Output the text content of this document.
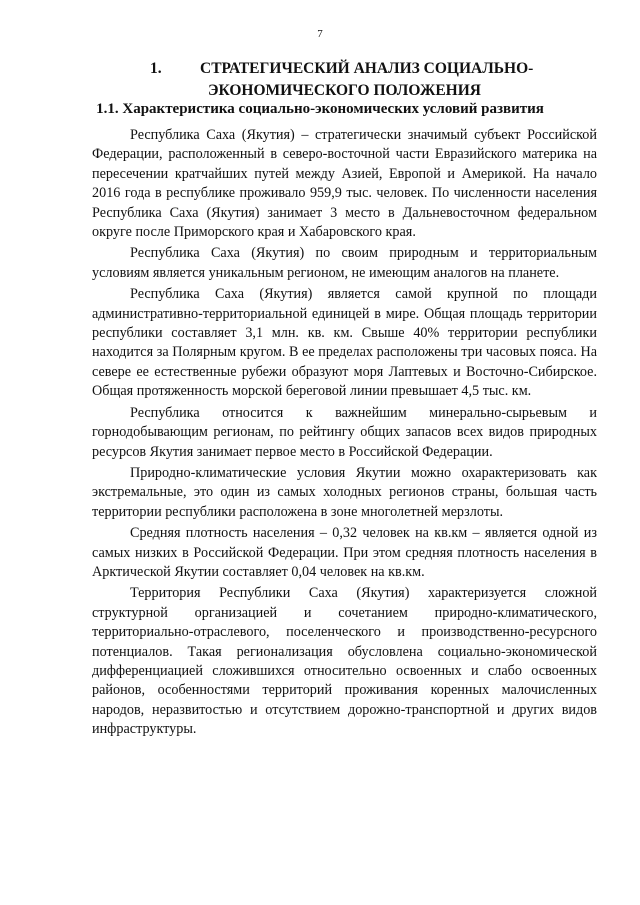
7
1. СТРАТЕГИЧЕСКИЙ АНАЛИЗ СОЦИАЛЬНО-
ЭКОНОМИЧЕСКОГО ПОЛОЖЕНИЯ
1.1. Характеристика социально-экономических условий развития

Республика Саха (Якутия) – стратегически значимый субъект Российской Федерации, расположенный в северо-восточной части Евразийского материка на пересечении кратчайших путей между Азией, Европой и Америкой. На начало 2016 года в республике проживало 959,9 тыс. человек. По численности населения Республика Саха (Якутия) занимает 3 место в Дальневосточном федеральном округе после Приморского края и Хабаровского края.

Республика Саха (Якутия) по своим природным и территориальным условиям является уникальным регионом, не имеющим аналогов на планете.

Республика Саха (Якутия) является самой крупной по площади административно-территориальной единицей в мире. Общая площадь территории республики составляет 3,1 млн. кв. км. Свыше 40% территории республики находится за Полярным кругом. В ее пределах расположены три часовых пояса. На севере ее естественные рубежи образуют моря Лаптевых и Восточно-Сибирское. Общая протяженность морской береговой линии превышает 4,5 тыс. км.

Республика относится к важнейшим минерально-сырьевым и горнодобывающим регионам, по рейтингу общих запасов всех видов природных ресурсов Якутия занимает первое место в Российской Федерации.

Природно-климатические условия Якутии можно охарактеризовать как экстремальные, это один из самых холодных регионов страны, большая часть территории республики расположена в зоне многолетней мерзлоты.

Средняя плотность населения – 0,32 человек на кв.км – является одной из самых низких в Российской Федерации. При этом средняя плотность населения в Арктической Якутии составляет 0,04 человек на кв.км.

Территория Республики Саха (Якутия) характеризуется сложной структурной организацией и сочетанием природно-климатического, территориально-отраслевого, поселенческого и производственно-ресурсного потенциалов. Такая регионализация обусловлена социально-экономической дифференциацией сложившихся относительно освоенных и слабо освоенных районов, особенностями территорий проживания коренных малочисленных народов, неразвитостью и отсутствием дорожно-транспортной и других видов инфраструктуры.
